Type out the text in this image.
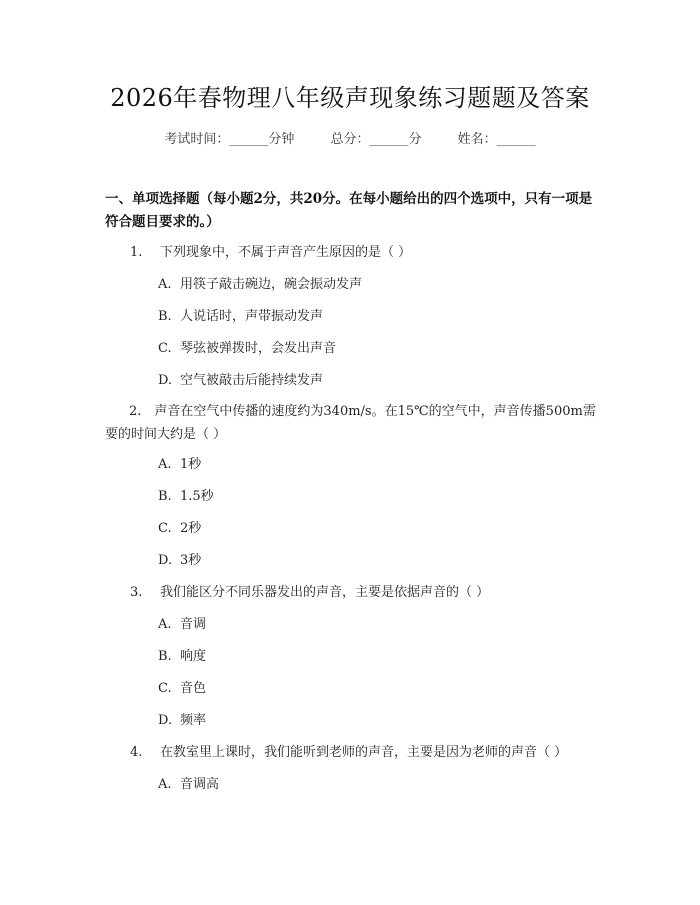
2026年春物理八年级声现象练习题题及答案
考试时间：______分钟	总分：______分	姓名：______
一、单项选择题（每小题2分，共20分。在每小题给出的四个选项中，只有一项是符合题目要求的。）
1. 下列现象中，不属于声音产生原因的是（ ）
A. 用筷子敲击碗边，碗会振动发声
B. 人说话时，声带振动发声
C. 琴弦被弹拨时，会发出声音
D. 空气被敲击后能持续发声
2.　声音在空气中传播的速度约为340m/s。在15℃的空气中，声音传播500m需要的时间大约是（ ）
A. 1秒
B. 1.5秒
C. 2秒
D. 3秒
3. 我们能区分不同乐器发出的声音，主要是依据声音的（ ）
A. 音调
B. 响度
C. 音色
D. 频率
4. 在教室里上课时，我们能听到老师的声音，主要是因为老师的声音（ ）
A. 音调高
